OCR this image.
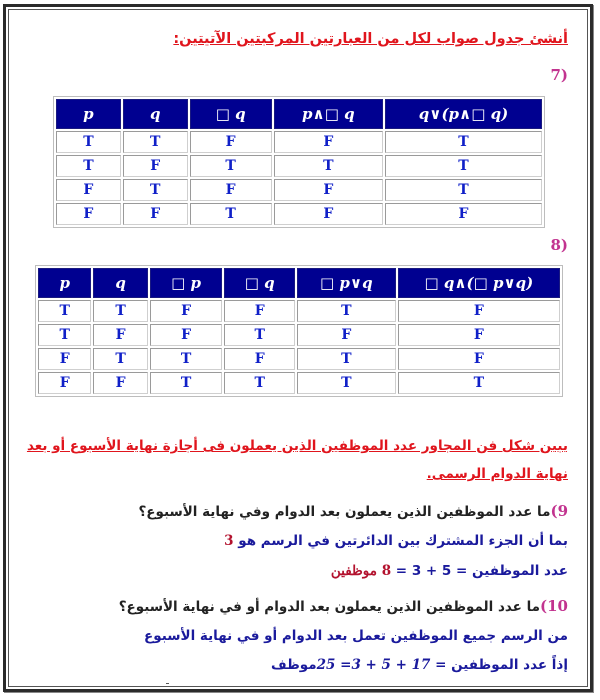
أنشئ جدول صواب لكل من العبارتين المركبتين الآتيتين:
(7
p	q	□ q	p∧□ q	q∨(p∧□ q)
T	T	F	F	T
T	F	T	T	T
F	T	F	F	T
F	F	T	F	F
(8
p	q	□ p	□ q	□ p∨q	□ q∧(□ p∨q)
T	T	F	F	T	F
T	F	F	T	F	F
F	T	T	F	T	F
F	F	T	T	T	T
يبين شكل فن المجاور عدد الموظفين الذين يعملون فى أجازة نهاية الأسبوع أو بعد
نهاية الدوام الرسمى.
9)ما عدد الموظفين الذين يعملون بعد الدوام وفي نهاية الأسبوع؟
بما أن الجزء المشترك بين الدائرتين في الرسم هو 3
عدد الموظفين = 8 = 3 + 5 موظفين
10)ما عدد الموظفين الذين يعملون بعد الدوام أو في نهاية الأسبوع؟
من الرسم جميع الموظفين تعمل بعد الدوام أو في نهاية الأسبوع
إذاً عدد الموظفين = 25 =3 + 5 + 17موظف
